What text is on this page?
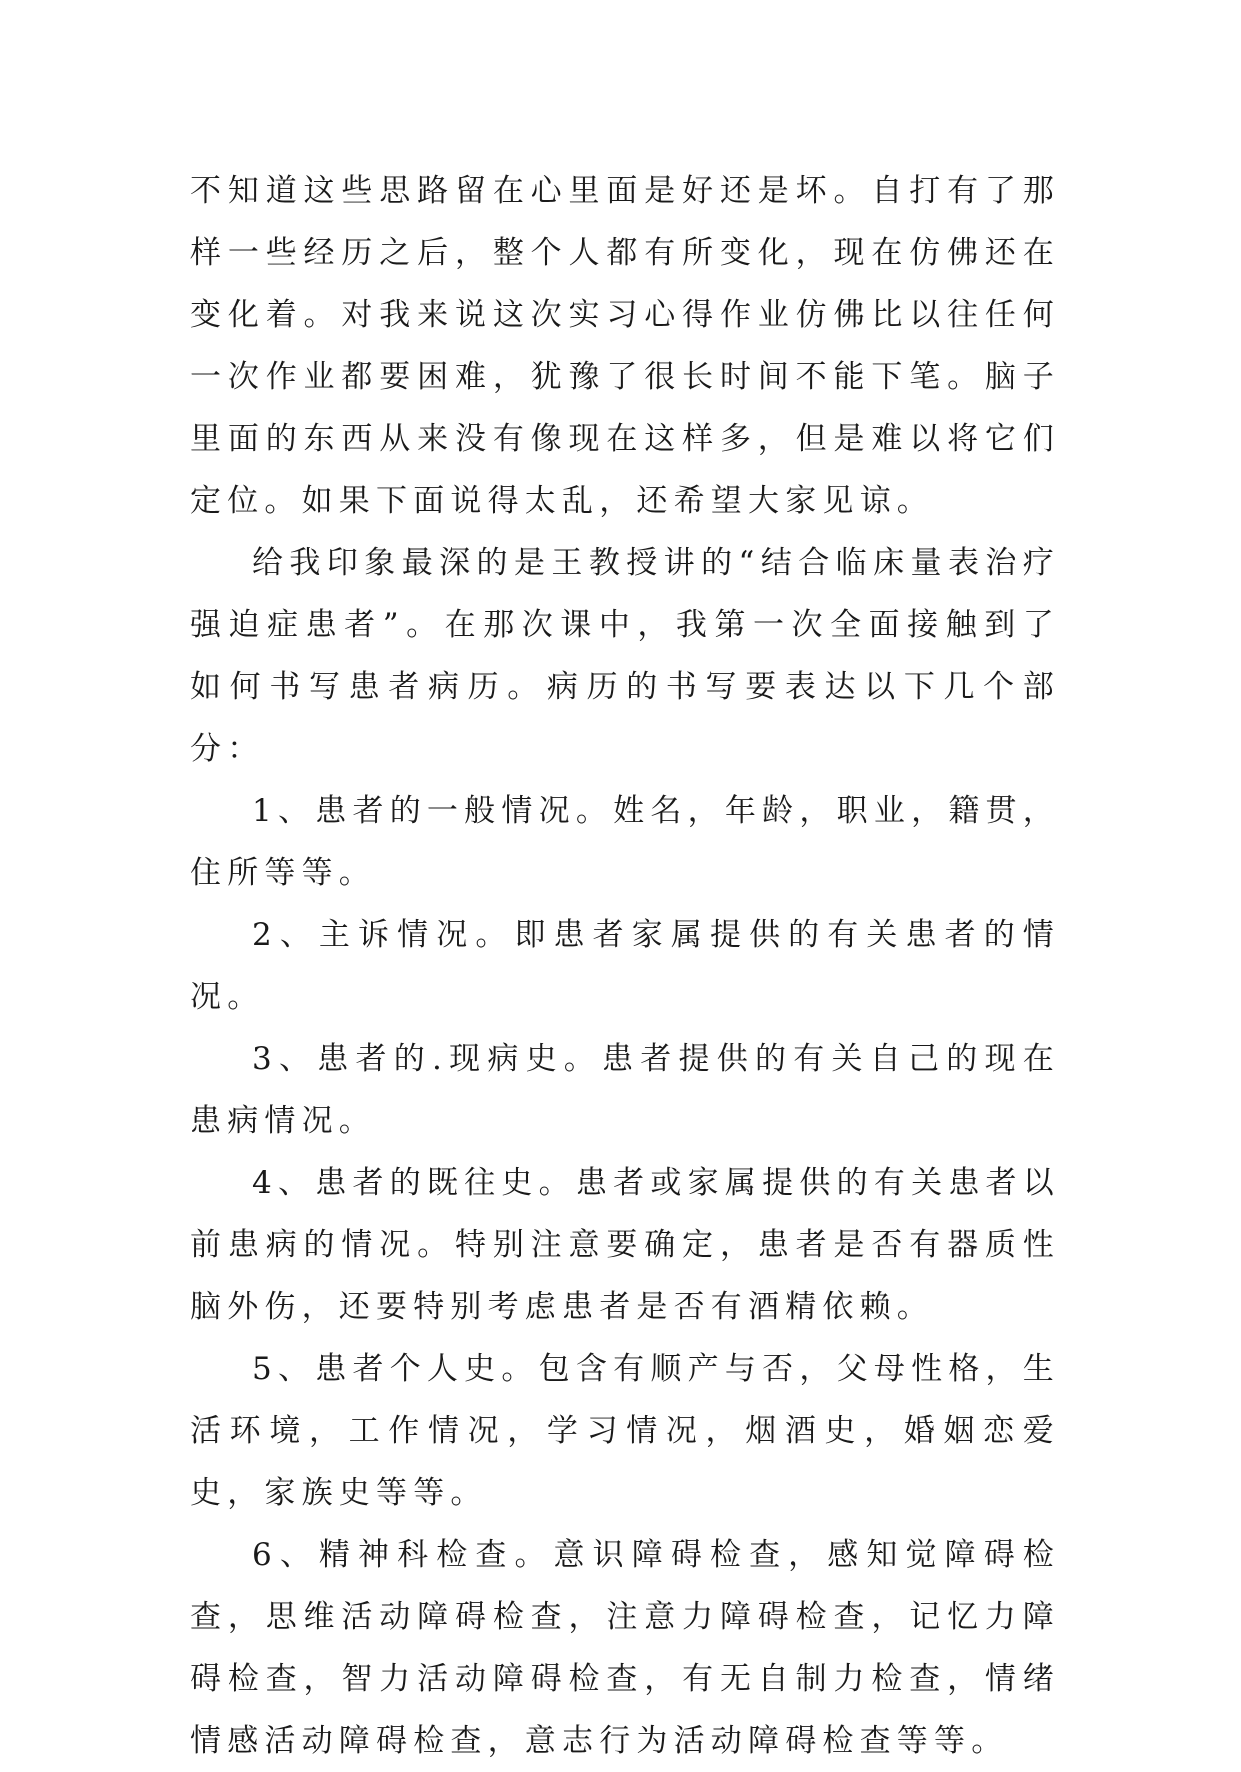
不知道这些思路留在心里面是好还是坏。自打有了那样一些经历之后，整个人都有所变化，现在仿佛还在变化着。对我来说这次实习心得作业仿佛比以往任何一次作业都要困难，犹豫了很长时间不能下笔。脑子里面的东西从来没有像现在这样多，但是难以将它们定位。如果下面说得太乱，还希望大家见谅。

给我印象最深的是王教授讲的“结合临床量表治疗强迫症患者”。在那次课中，我第一次全面接触到了如何书写患者病历。病历的书写要表达以下几个部分：

1、患者的一般情况。姓名，年龄，职业，籍贯，住所等等。

2、主诉情况。即患者家属提供的有关患者的情况。

3、患者的.现病史。患者提供的有关自己的现在患病情况。

4、患者的既往史。患者或家属提供的有关患者以前患病的情况。特别注意要确定，患者是否有器质性脑外伤，还要特别考虑患者是否有酒精依赖。

5、患者个人史。包含有顺产与否，父母性格，生活环境，工作情况，学习情况，烟酒史，婚姻恋爱史，家族史等等。

6、精神科检查。意识障碍检查，感知觉障碍检查，思维活动障碍检查，注意力障碍检查，记忆力障碍检查，智力活动障碍检查，有无自制力检查，情绪情感活动障碍检查，意志行为活动障碍检查等等。
